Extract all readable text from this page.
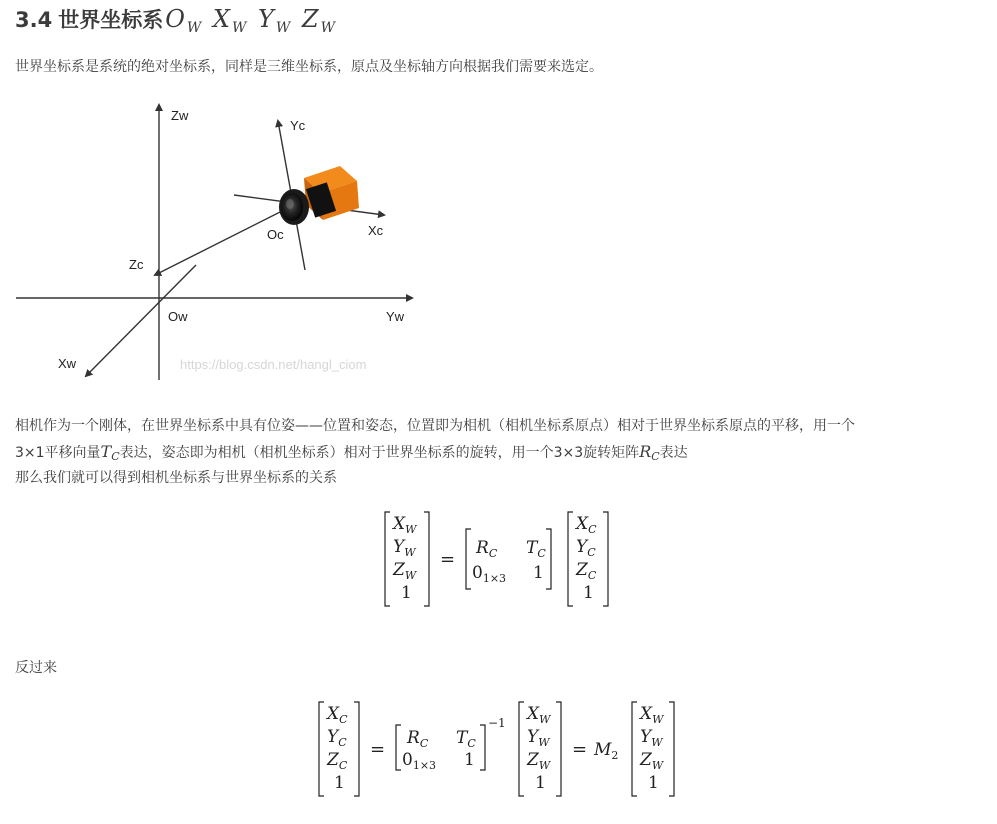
3.4 世界坐标系 O $_W$ X $_W$ Y $_W$ Z $_W$
世界坐标系是系统的绝对坐标系，同样是三维坐标系，原点及坐标轴方向根据我们需要来选定。
Zw
Yc
Xc
Oc
Zc
Ow	Yw
Xw	https://blog.csdn.net/hangl_ciom
相机作为一个刚体，在世界坐标系中具有位姿——位置和姿态，位置即为相机（相机坐标系原点）相对于世界坐标系原点的平移，用一个
3×1平移向量$T_C$表达，姿态即为相机（相机坐标系）相对于世界坐标系的旋转，用一个3×3旋转矩阵$R_C$表达
那么我们就可以得到相机坐标系与世界坐标系的关系
$X_W$
$Y_W$
$Z_W$
1
$R_C$ $T_C$
$0_{1\times 3}$ 1
$X_C$
$Y_C$
$Z_C$
1
=
反过来
$X_C$
$Y_C$
$Z_C$
1
$R_C$ $T_C$
$0_{1\times 3}$ 1
$X_W$
$Y_W$
$Z_W$
1
$M_2$
$X_W$
$Y_W$
$Z_W$
1
−1
=	=
